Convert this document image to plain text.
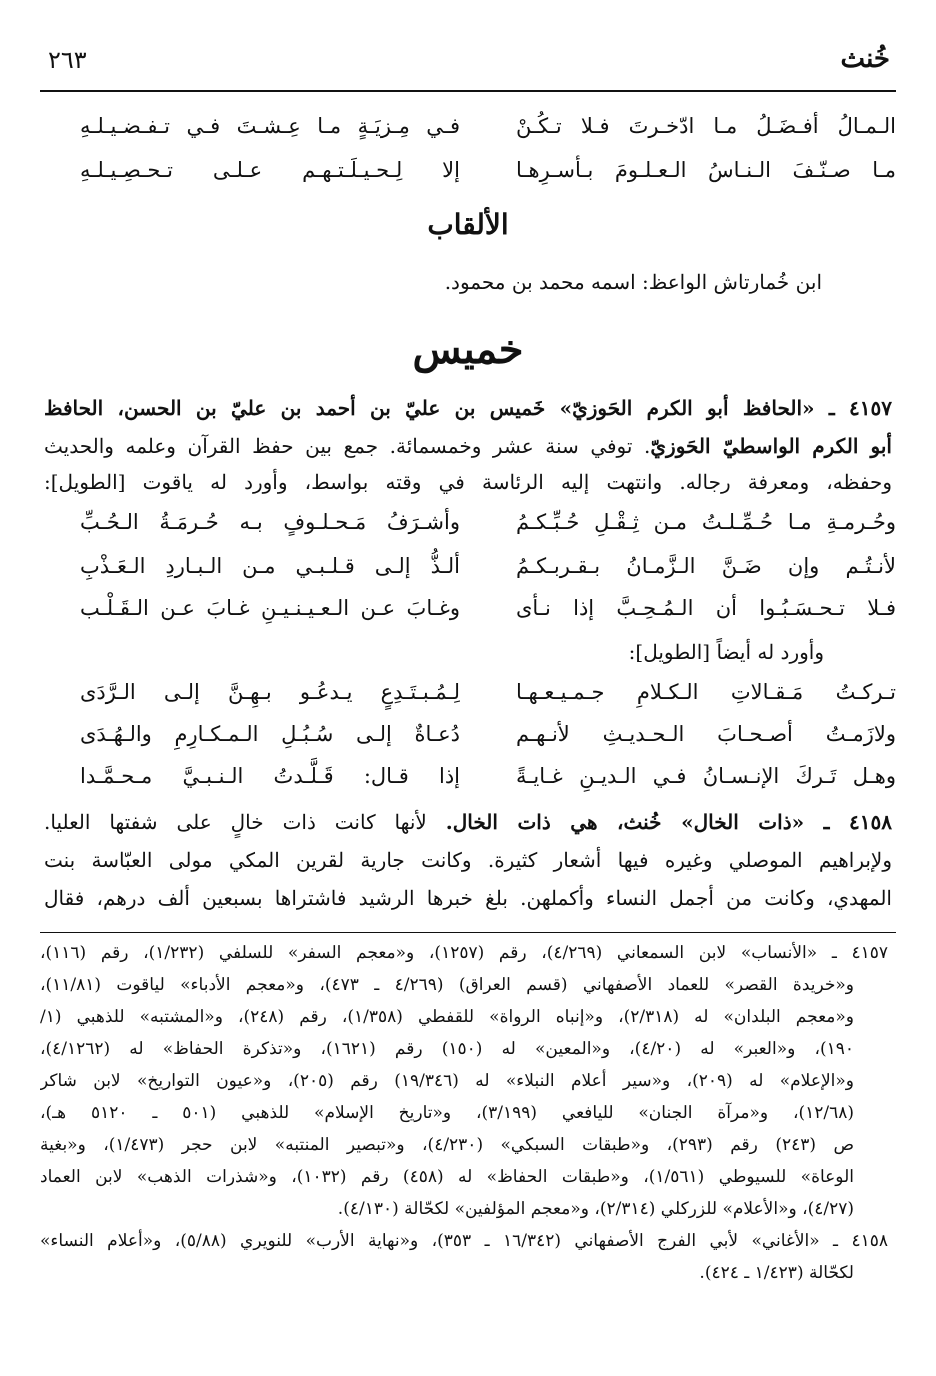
خُنث
٢٦٣
الـمـالُ أفـضَـلُ مـا ادّخـرتَ فـلا تـكُـنْ
فـي مِـزيَـةٍ مـا عِـشـتَ فـي تـفـضـيـلـهِ
مـا صـنّـفَ الـنـاسُ الـعـلـومَ بـأسـرِهـا
إلا لِـحـيـلَـتـهـم عـلـى تـحـصِـيـلـهِ
الألقاب
ابن خُمارتاش الواعظ: اسمه محمد بن محمود.
خميس
٤١٥٧ ـ «الحافظ أبو الكرم الحَوزيّ» خَميس بن عليّ بن أحمد بن عليّ بن الحسن، الحافظ
أبو الكرم الواسطيّ الحَوزيّ. توفي سنة عشر وخمسمائة. جمع بين حفظ القرآن وعلمه والحديث
وحفظه، ومعرفة رجاله. وانتهت إليه الرئاسة في وقته بواسط، وأورد له ياقوت [الطويل]:
وحُـرمـةِ مـا حُـمِّـلـتُ مـن ثِـقْـلِ حُـبِّـكـمُ
وأشـرَفُ مَـحـلـوفٍ بـه حُـرمَـةُ الـحُـبِّ
لأنـتُـم وإن ضَـنَّ الـزَّمـانُ بـقـربـكـمُ
ألـذُّ إلـى قـلـبـي مـن الـبـاردِ الـعَـذْبِ
فـلا تـحـسَـبُـوا أن الـمُـحِـبَّ إذا نـأى
وغـابَ عـن الـعـيـنـيـنِ غـابَ عـن الـقَـلْـب
وأورد له أيضاً [الطويل]:
تـركـتُ مَـقـالاتِ الـكـلامِ جـمـيـعـهـا
لِـمُـبـتَـدِعٍ يـدعُـو بـهِـنَّ إلـى الـرَّدَى
ولازَمـتُ أصـحـابَ الـحـديـثِ لأنـهـم
دُعـاةٌ إلـى سُـبُـلِ الـمـكـارِمِ والـهُـدَى
وهـل تَـركَ الإنـسـانُ فـي الـديـنِ غـايـةً
إذا قـال: قَـلَّـدتُ الـنـبـيَّ مـحـمَّـدا
٤١٥٨ ـ «ذات الخال» خُنث، هي ذات الخال. لأنها كانت ذات خالٍ على شفتها العليا.
ولإبراهيم الموصلي وغيره فيها أشعار كثيرة. وكانت جارية لقرين المكي مولى العبّاسة بنت
المهدي، وكانت من أجمل النساء وأكملهن. بلغ خبرها الرشيد فاشتراها بسبعين ألف درهم، فقال
٤١٥٧ ـ «الأنساب» لابن السمعاني (٤/٢٦٩)، رقم (١٢٥٧)، و«معجم السفر» للسلفي (١/٢٣٢)، رقم (١١٦)،
و«خريدة القصر» للعماد الأصفهاني (قسم العراق) (٤/٢٦٩ ـ ٤٧٣)، و«معجم الأدباء» لياقوت (١١/٨١)،
و«معجم البلدان» له (٢/٣١٨)، و«إنباه الرواة» للقفطي (١/٣٥٨)، رقم (٢٤٨)، و«المشتبه» للذهبي (١/
١٩٠)، و«العبر» له (٤/٢٠)، و«المعين» له (١٥٠) رقم (١٦٢١)، و«تذكرة الحفاظ» له (٤/١٢٦٢)،
و«الإعلام» له (٢٠٩)، و«سير أعلام النبلاء» له (١٩/٣٤٦) رقم (٢٠٥)، و«عيون التواريخ» لابن شاكر
(١٢/٦٨)، و«مرآة الجنان» لليافعي (٣/١٩٩)، و«تاريخ الإسلام» للذهبي (٥٠١ ـ ٥١٢٠ هـ)،
ص (٢٤٣) رقم (٢٩٣)، و«طبقات السبكي» (٤/٢٣٠)، و«تبصير المنتبه» لابن حجر (١/٤٧٣)، و«بغية
الوعاة» للسيوطي (١/٥٦١)، و«طبقات الحفاظ» له (٤٥٨) رقم (١٠٣٢)، و«شذرات الذهب» لابن العماد
(٤/٢٧)، و«الأعلام» للزركلي (٢/٣١٤)، و«معجم المؤلفين» لكحّالة (٤/١٣٠).
٤١٥٨ ـ «الأغاني» لأبي الفرج الأصفهاني (١٦/٣٤٢ ـ ٣٥٣)، و«نهاية الأرب» للنويري (٥/٨٨)، و«أعلام النساء»
لكحّالة (١/٤٢٣ ـ ٤٢٤).
